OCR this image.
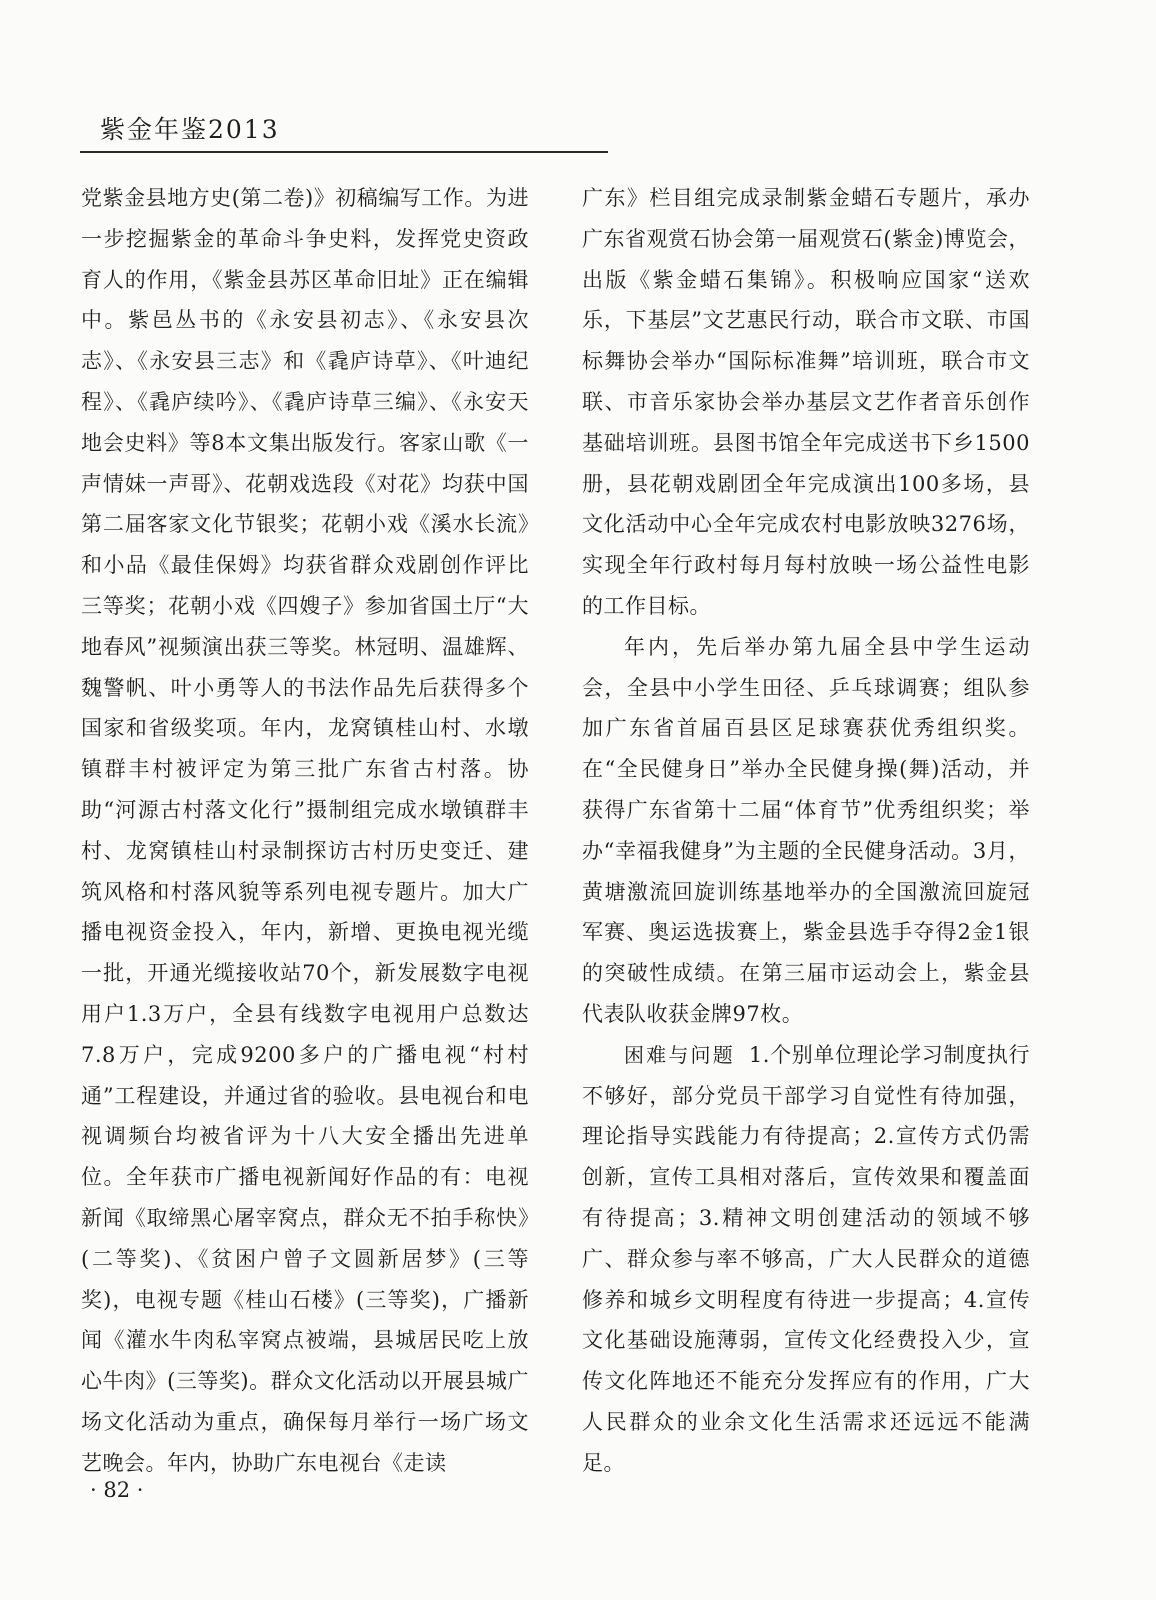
紫金年鉴2013

党紫金县地方史(第二卷)》初稿编写工作。为进一步挖掘紫金的革命斗争史料，发挥党史资政育人的作用，《紫金县苏区革命旧址》正在编辑中。紫邑丛书的《永安县初志》、《永安县次志》、《永安县三志》和《毳庐诗草》、《叶迪纪程》、《毳庐续吟》、《毳庐诗草三编》、《永安天地会史料》等8本文集出版发行。客家山歌《一声情妹一声哥》、花朝戏选段《对花》均获中国第二届客家文化节银奖；花朝小戏《溪水长流》和小品《最佳保姆》均获省群众戏剧创作评比三等奖；花朝小戏《四嫂子》参加省国土厅“大地春风”视频演出获三等奖。林冠明、温雄辉、魏警帆、叶小勇等人的书法作品先后获得多个国家和省级奖项。年内，龙窝镇桂山村、水墩镇群丰村被评定为第三批广东省古村落。协助“河源古村落文化行”摄制组完成水墩镇群丰村、龙窝镇桂山村录制探访古村历史变迁、建筑风格和村落风貌等系列电视专题片。加大广播电视资金投入，年内，新增、更换电视光缆一批，开通光缆接收站70个，新发展数字电视用户1.3万户，全县有线数字电视用户总数达7.8万户，完成9200多户的广播电视“村村通”工程建设，并通过省的验收。县电视台和电视调频台均被省评为十八大安全播出先进单位。全年获市广播电视新闻好作品的有：电视新闻《取缔黑心屠宰窝点，群众无不拍手称快》(二等奖)、《贫困户曾子文圆新居梦》(三等奖)，电视专题《桂山石楼》(三等奖)，广播新闻《灌水牛肉私宰窝点被端，县城居民吃上放心牛肉》(三等奖)。群众文化活动以开展县城广场文化活动为重点，确保每月举行一场广场文艺晚会。年内，协助广东电视台《走读

广东》栏目组完成录制紫金蜡石专题片，承办广东省观赏石协会第一届观赏石(紫金)博览会，出版《紫金蜡石集锦》。积极响应国家“送欢乐，下基层”文艺惠民行动，联合市文联、市国标舞协会举办“国际标准舞”培训班，联合市文联、市音乐家协会举办基层文艺作者音乐创作基础培训班。县图书馆全年完成送书下乡1500册，县花朝戏剧团全年完成演出100多场，县文化活动中心全年完成农村电影放映3276场，实现全年行政村每月每村放映一场公益性电影的工作目标。

年内，先后举办第九届全县中学生运动会，全县中小学生田径、乒乓球调赛；组队参加广东省首届百县区足球赛获优秀组织奖。在“全民健身日”举办全民健身操(舞)活动，并获得广东省第十二届“体育节”优秀组织奖；举办“幸福我健身”为主题的全民健身活动。3月，黄塘激流回旋训练基地举办的全国激流回旋冠军赛、奥运选拔赛上，紫金县选手夺得2金1银的突破性成绩。在第三届市运动会上，紫金县代表队收获金牌97枚。

困难与问题 1.个别单位理论学习制度执行不够好，部分党员干部学习自觉性有待加强，理论指导实践能力有待提高；2.宣传方式仍需创新，宣传工具相对落后，宣传效果和覆盖面有待提高；3.精神文明创建活动的领域不够广、群众参与率不够高，广大人民群众的道德修养和城乡文明程度有待进一步提高；4.宣传文化基础设施薄弱，宣传文化经费投入少，宣传文化阵地还不能充分发挥应有的作用，广大人民群众的业余文化生活需求还远远不能满足。

· 82 ·
